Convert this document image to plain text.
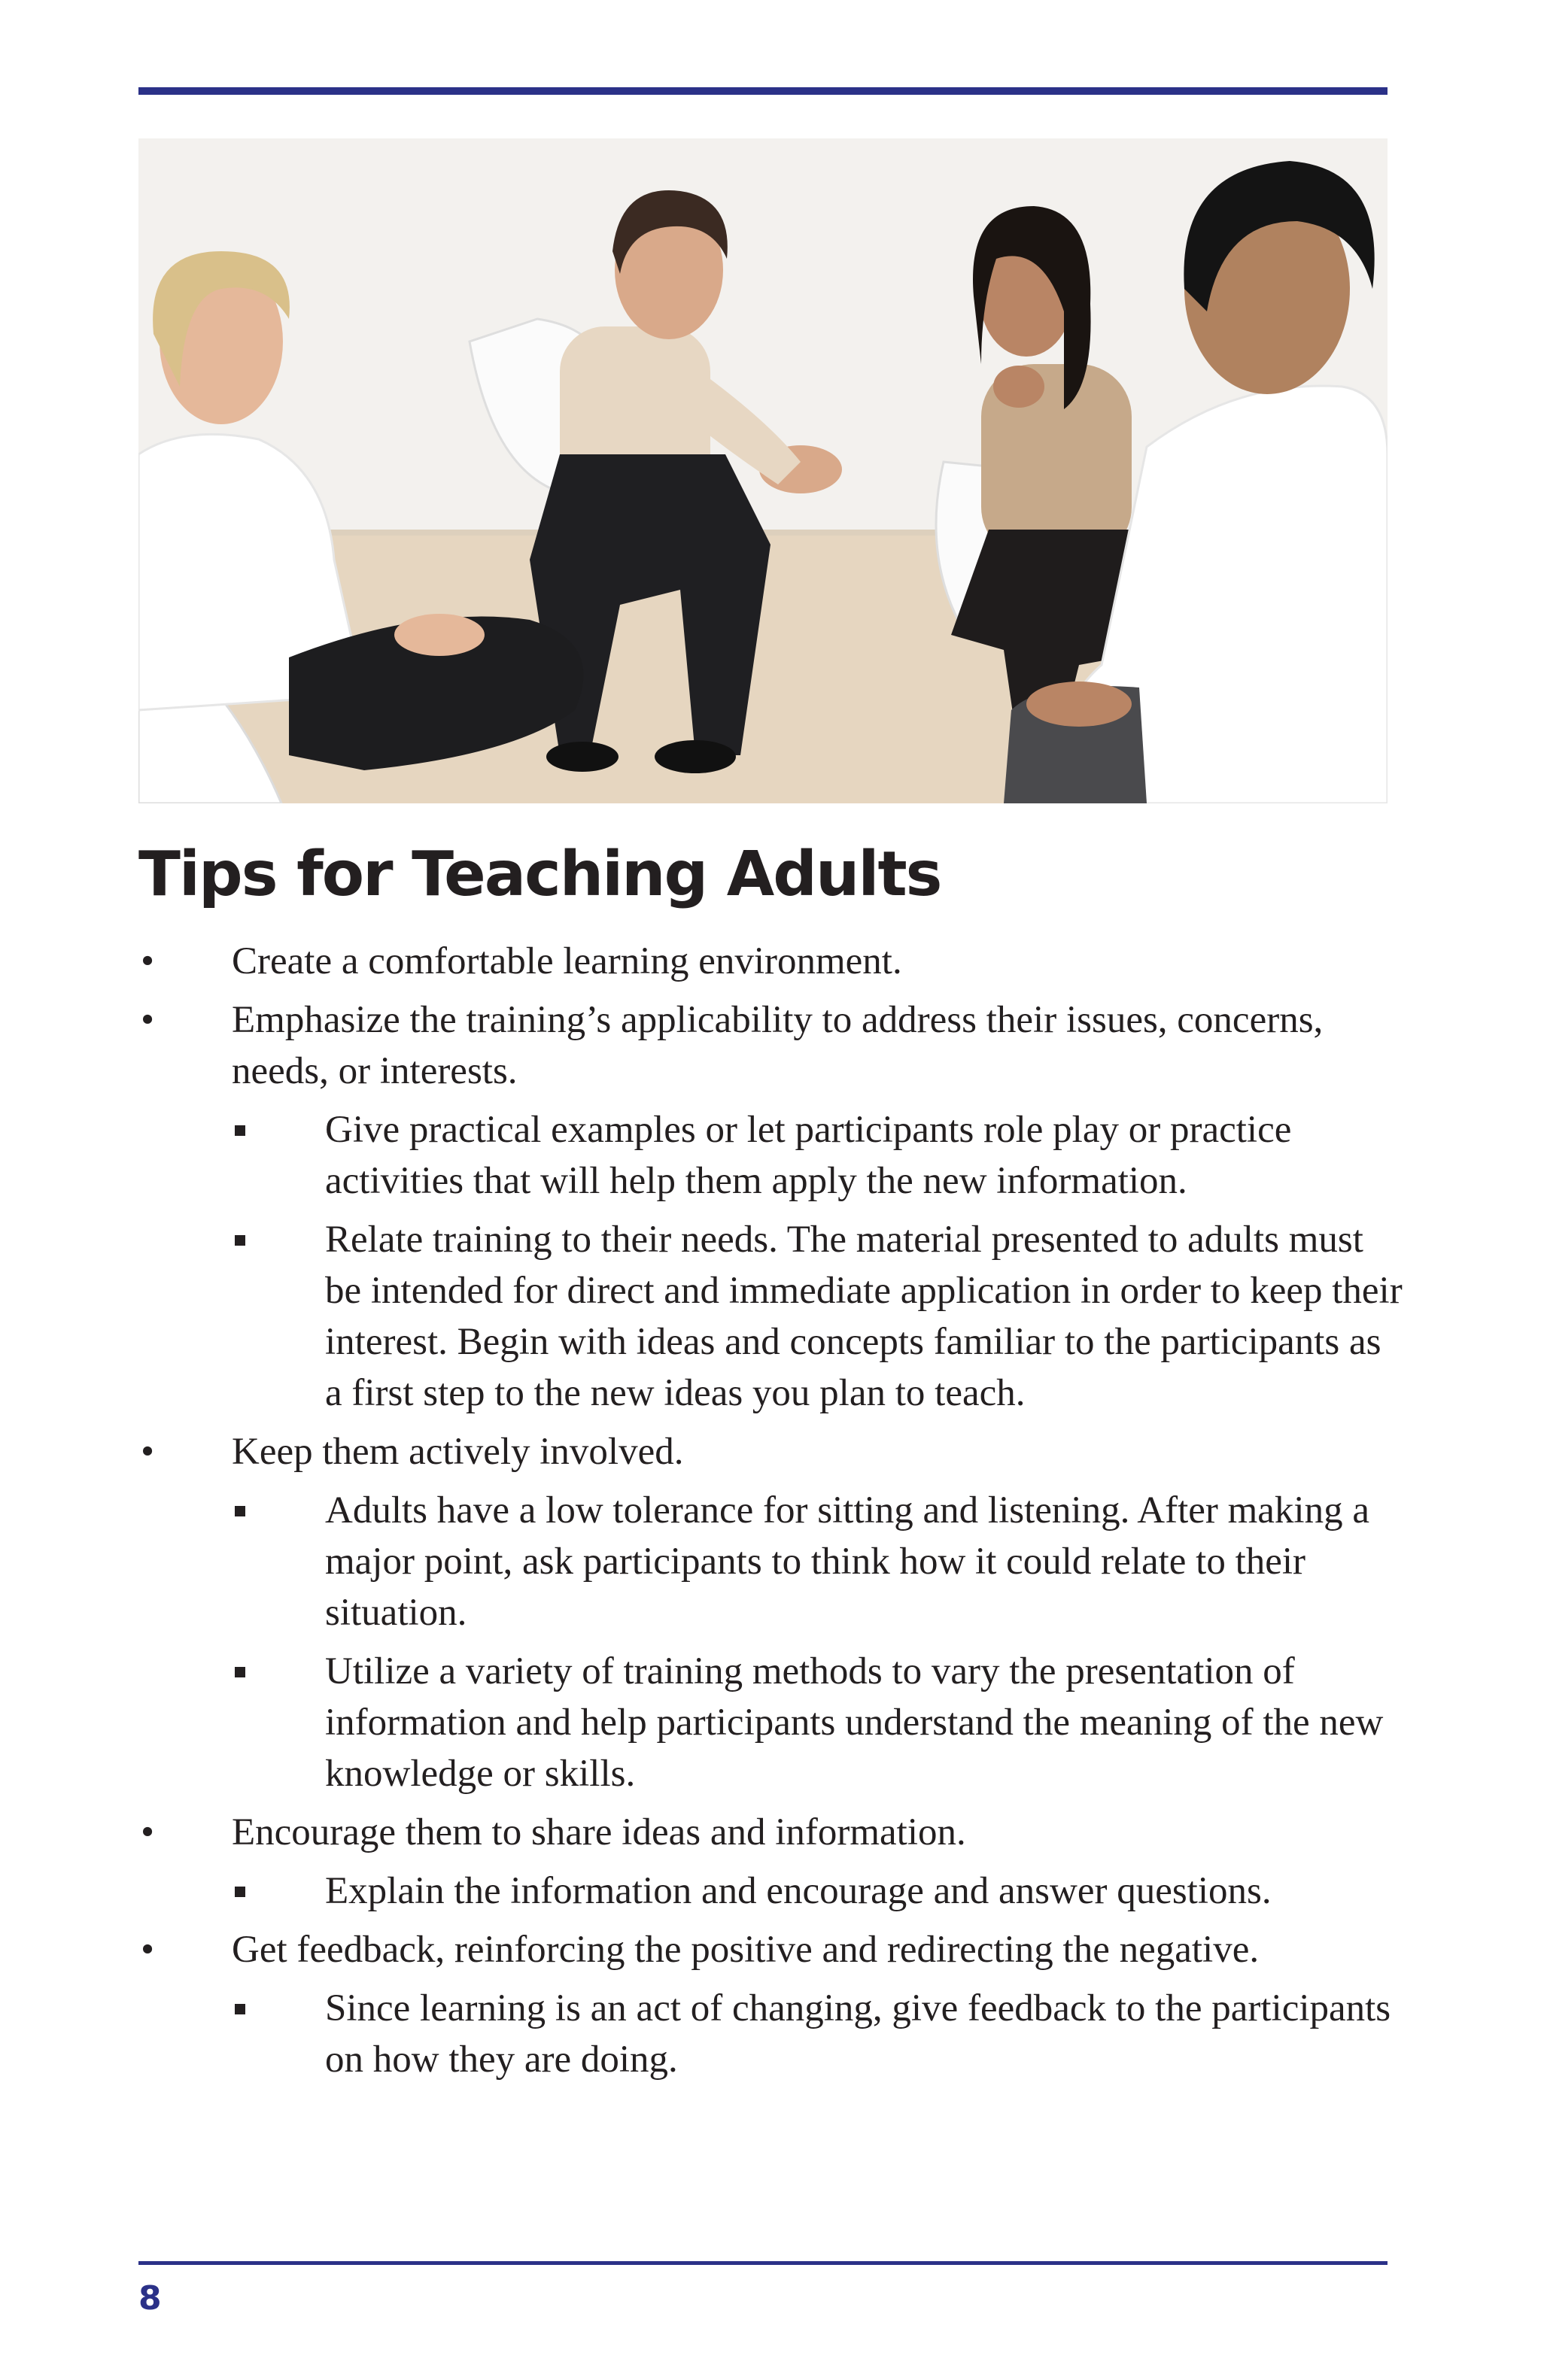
Tips for Teaching Adults
• Create a comfortable learning environment.
• Emphasize the training’s applicability to address their issues, concerns, needs, or interests.
Give practical examples or let participants role play or practice activities that will help them apply the new information.
Relate training to their needs. The material presented to adults must be intended for direct and immediate application in order to keep their interest. Begin with ideas and concepts familiar to the participants as a first step to the new ideas you plan to teach.
• Keep them actively involved.
Adults have a low tolerance for sitting and listening. After making a major point, ask participants to think how it could relate to their situation.
Utilize a variety of training methods to vary the presentation of information and help participants understand the meaning of the new knowledge or skills.
• Encourage them to share ideas and information.
Explain the information and encourage and answer questions.
• Get feedback, reinforcing the positive and redirecting the negative.
Since learning is an act of changing, give feedback to the participants on how they are doing.
8
